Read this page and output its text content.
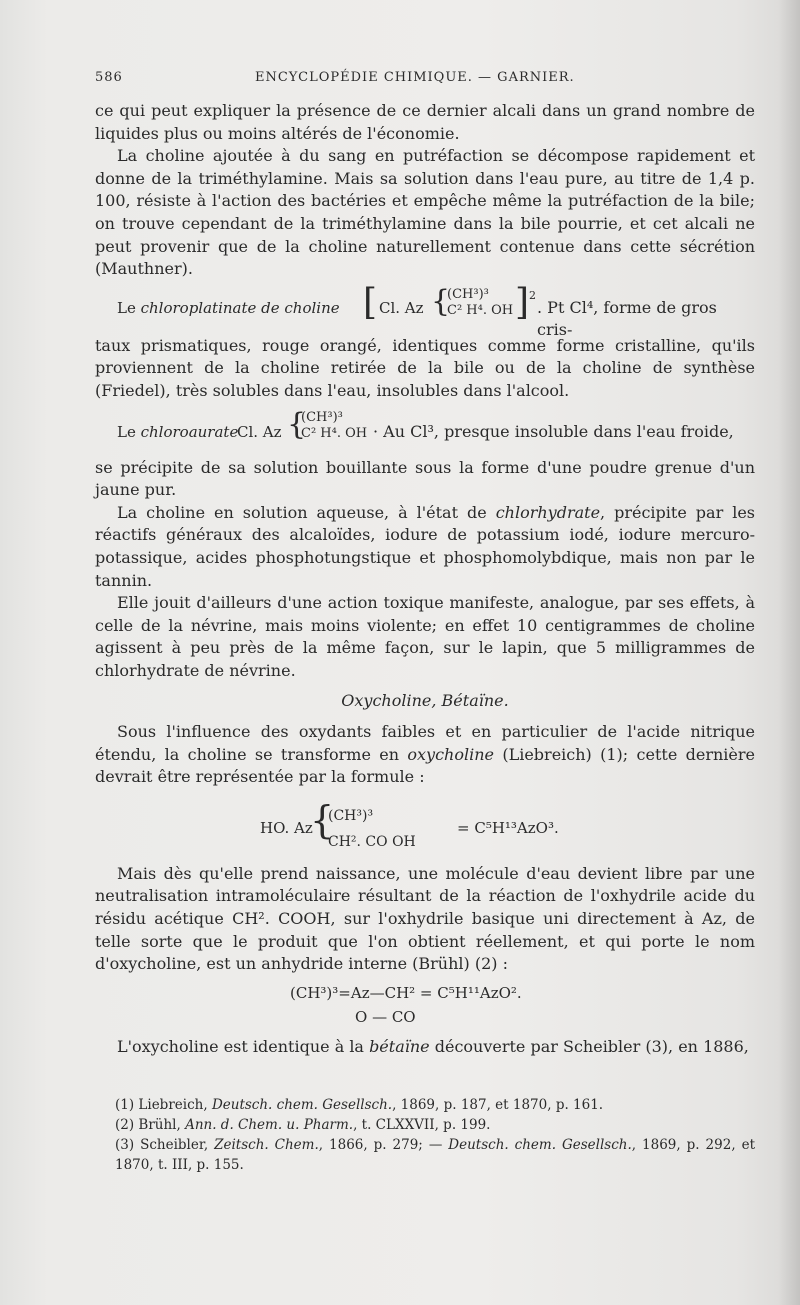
586	ENCYCLOPÉDIE CHIMIQUE. — GARNIER.

ce qui peut expliquer la présence de ce dernier alcali dans un grand nombre de liquides plus ou moins altérés de l'économie.

La choline ajoutée à du sang en putréfaction se décompose rapidement et donne de la triméthylamine. Mais sa solution dans l'eau pure, au titre de 1,4 p. 100, résiste à l'action des bactéries et empêche même la putréfaction de la bile; on trouve cependant de la triméthylamine dans la bile pourrie, et cet alcali ne peut provenir que de la choline naturellement contenue dans cette sécrétion (Mauthner).

Le chloroplatinate de choline [ Cl. Az {
(CH³)³
C² H⁴. OH ] 2
. Pt Cl⁴, forme de gros cris-

taux prismatiques, rouge orangé, identiques comme forme cristalline, qu'ils proviennent de la choline retirée de la bile ou de la choline de synthèse (Friedel), très solubles dans l'eau, insolubles dans l'alcool.

Le chloroaurate
Cl. Az {
(CH³)³
C² H⁴. OH · Au Cl³, presque insoluble dans l'eau froide,

se précipite de sa solution bouillante sous la forme d'une poudre grenue d'un jaune pur.

La choline en solution aqueuse, à l'état de chlorhydrate, précipite par les réactifs généraux des alcaloïdes, iodure de potassium iodé, iodure mercuro-potassique, acides phosphotungstique et phosphomolybdique, mais non par le tannin.

Elle jouit d'ailleurs d'une action toxique manifeste, analogue, par ses effets, à celle de la névrine, mais moins violente; en effet 10 centigrammes de choline agissent à peu près de la même façon, sur le lapin, que 5 milligrammes de chlorhydrate de névrine.

Oxycholine, Bétaïne.

Sous l'influence des oxydants faibles et en particulier de l'acide nitrique étendu, la choline se transforme en oxycholine (Liebreich) (1); cette dernière devrait être représentée par la formule :

HO. Az
{
(CH³)³
CH². CO OH
= C⁵H¹³AzO³.

Mais dès qu'elle prend naissance, une molécule d'eau devient libre par une neutralisation intramoléculaire résultant de la réaction de l'oxhydrile acide du résidu acétique CH². COOH, sur l'oxhydrile basique uni directement à Az, de telle sorte que le produit que l'on obtient réellement, et qui porte le nom d'oxycholine, est un anhydride interne (Brühl) (2) :

(CH³)³=Az—CH² = C⁵H¹¹AzO².
O — CO

L'oxycholine est identique à la bétaïne découverte par Scheibler (3), en 1886,

(1) Liebreich, Deutsch. chem. Gesellsch., 1869, p. 187, et 1870, p. 161.

(2) Brühl, Ann. d. Chem. u. Pharm., t. CLXXVII, p. 199.

(3) Scheibler, Zeitsch. Chem., 1866, p. 279; — Deutsch. chem. Gesellsch., 1869, p. 292, et 1870, t. III, p. 155.
